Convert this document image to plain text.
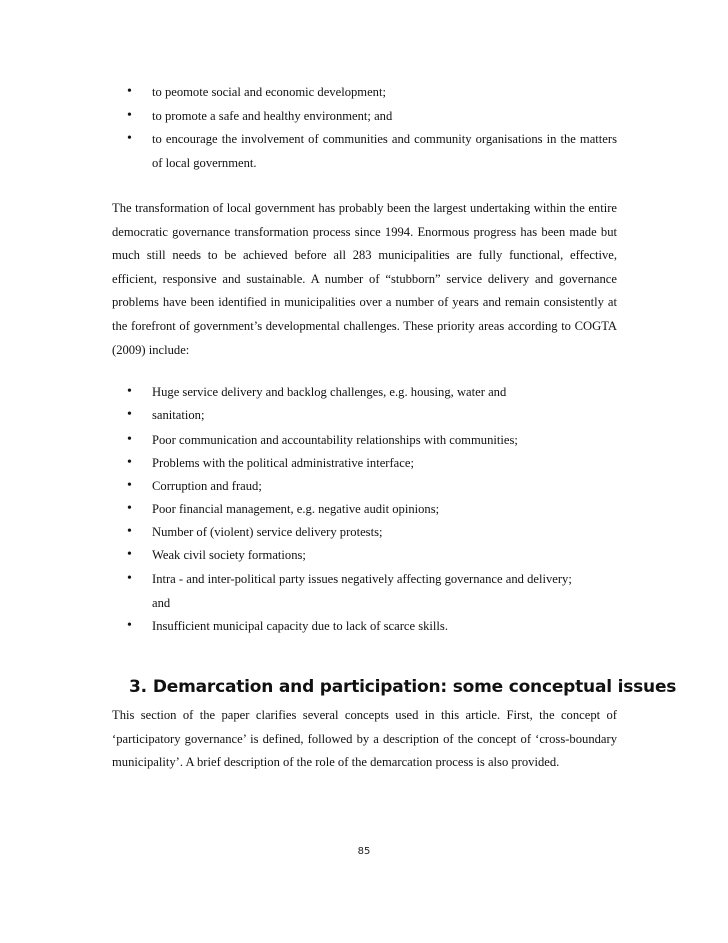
• to peomote social and economic development;
• to promote a safe and healthy environment; and
• to encourage the involvement of communities and community organisations in the matters of local government.

The transformation of local government has probably been the largest undertaking within the entire democratic governance transformation process since 1994. Enormous progress has been made but much still needs to be achieved before all 283 municipalities are fully functional, effective, efficient, responsive and sustainable. A number of “stubborn” service delivery and governance problems have been identified in municipalities over a number of years and remain consistently at the forefront of government’s developmental challenges. These priority areas according to COGTA (2009) include:

• Huge service delivery and backlog challenges, e.g. housing, water and
• sanitation;
• Poor communication and accountability relationships with communities;
• Problems with the political administrative interface;
• Corruption and fraud;
• Poor financial management, e.g. negative audit opinions;
• Number of (violent) service delivery protests;
• Weak civil society formations;
• Intra - and inter-political party issues negatively affecting governance and delivery;
and
• Insufficient municipal capacity due to lack of scarce skills.
3. Demarcation and participation: some conceptual issues

This section of the paper clarifies several concepts used in this article. First, the concept of ‘participatory governance’ is defined, followed by a description of the concept of ‘cross-boundary municipality’. A brief description of the role of the demarcation process is also provided.

85
